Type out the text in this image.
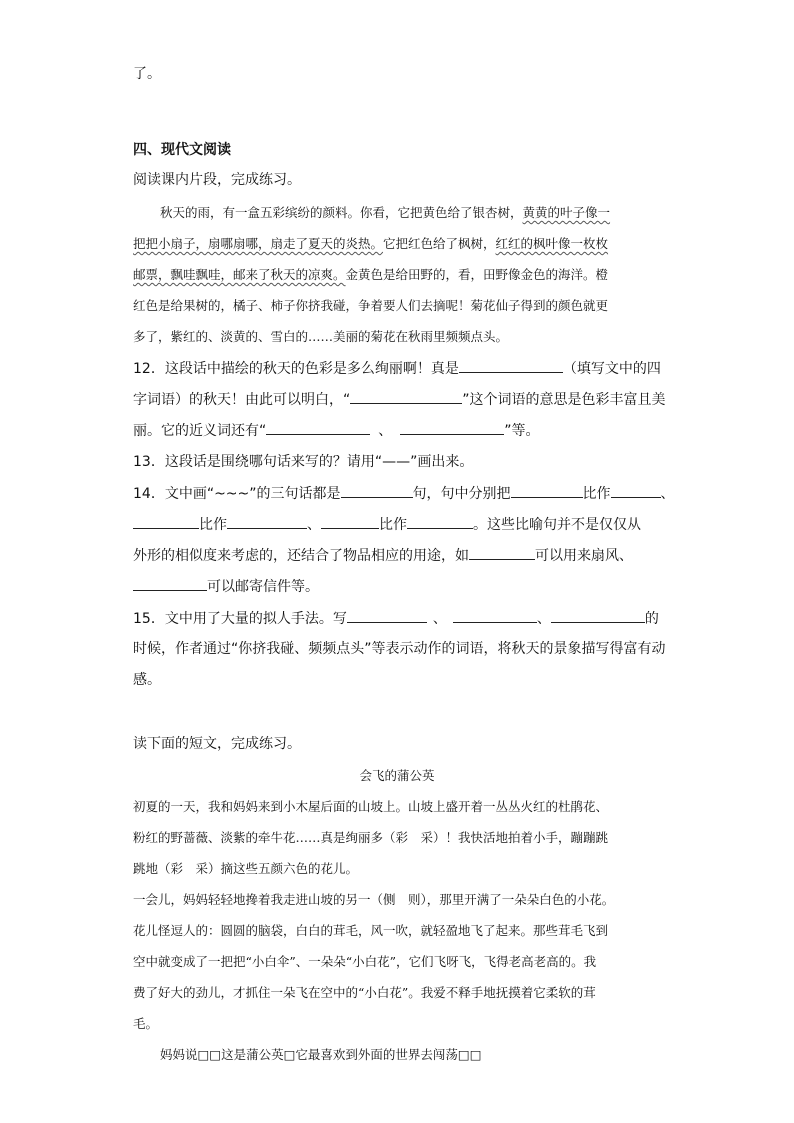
了。
四、现代文阅读
阅读课内片段，完成练习。
秋天的雨，有一盒五彩缤纷的颜料。你看，它把黄色给了银杏树，黄黄的叶子像一
把把小扇子，扇哪扇哪，扇走了夏天的炎热。它把红色给了枫树，红红的枫叶像一枚枚
邮票，飘哇飘哇，邮来了秋天的凉爽。金黄色是给田野的，看，田野像金色的海洋。橙
红色是给果树的，橘子、柿子你挤我碰，争着要人们去摘呢！菊花仙子得到的颜色就更
多了，紫红的、淡黄的、雪白的……美丽的菊花在秋雨里频频点头。
12．这段话中描绘的秋天的色彩是多么绚丽啊！真是	（填写文中的四
字词语）的秋天！由此可以明白，“	”这个词语的意思是色彩丰富且美
丽。它的近义词还有“	、	”等。
13．这段话是围绕哪句话来写的？请用“——”画出来。
14．文中画“~~~”的三句话都是	句，句中分别把	比作	、
比作	、	比作	。这些比喻句并不是仅仅从
外形的相似度来考虑的，还结合了物品相应的用途，如	可以用来扇风、
可以邮寄信件等。
15．文中用了大量的拟人手法。写	、	、	的
时候，作者通过“你挤我碰、频频点头”等表示动作的词语，将秋天的景象描写得富有动
感。
读下面的短文，完成练习。
会飞的蒲公英
初夏的一天，我和妈妈来到小木屋后面的山坡上。山坡上盛开着一丛丛火红的杜鹃花、
粉红的野蔷薇、淡紫的牵牛花……真是绚丽多（彩　采）！我快活地拍着小手，蹦蹦跳
跳地（彩　采）摘这些五颜六色的花儿。
一会儿，妈妈轻轻地搀着我走进山坡的另一（侧　则），那里开满了一朵朵白色的小花。
花儿怪逗人的：圆圆的脑袋，白白的茸毛，风一吹，就轻盈地飞了起来。那些茸毛飞到
空中就变成了一把把“小白伞”、一朵朵“小白花”，它们飞呀飞，飞得老高老高的。我
费了好大的劲儿，才抓住一朵飞在空中的“小白花”。我爱不释手地抚摸着它柔软的茸
毛。
妈妈说□□这是蒲公英□它最喜欢到外面的世界去闯荡□□
